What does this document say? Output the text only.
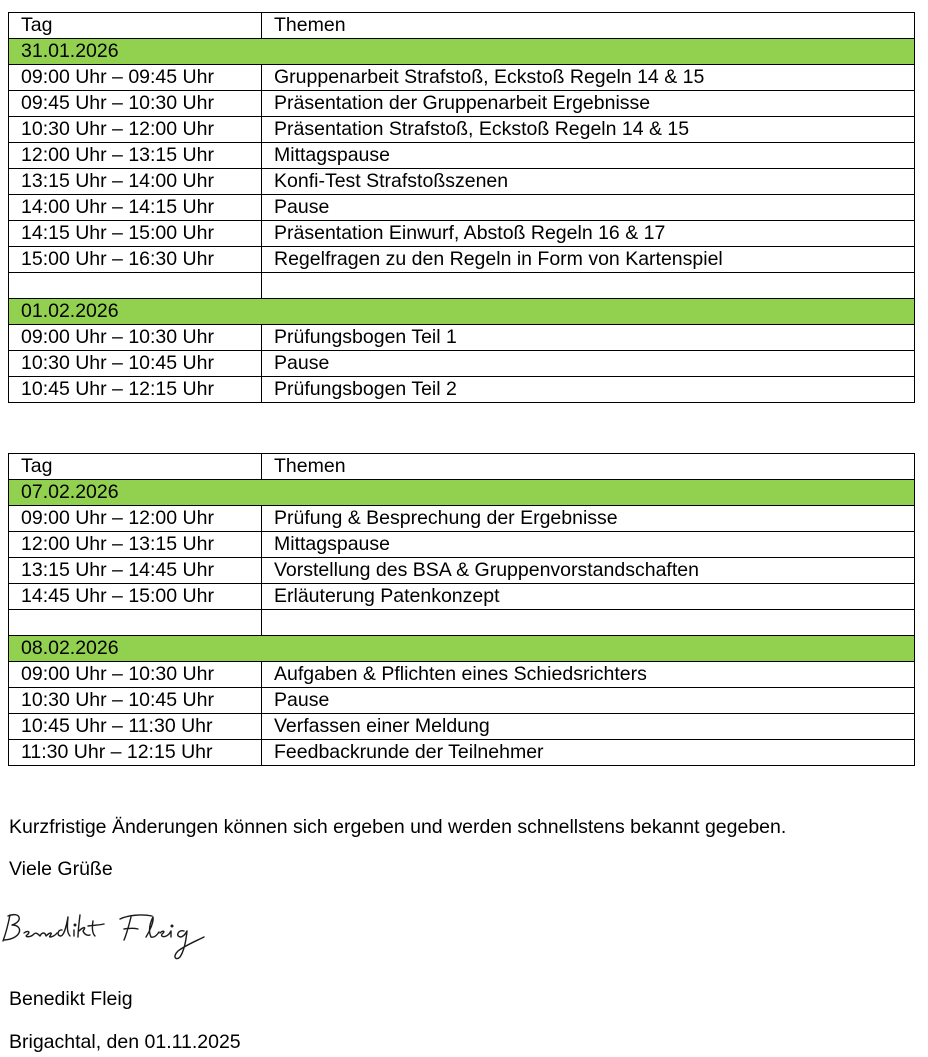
Tag	Themen
31.01.2026	
09:00 Uhr – 09:45 Uhr	Gruppenarbeit Strafstoß, Eckstoß Regeln 14 & 15
09:45 Uhr – 10:30 Uhr	Präsentation der Gruppenarbeit Ergebnisse
10:30 Uhr – 12:00 Uhr	Präsentation Strafstoß, Eckstoß Regeln 14 & 15
12:00 Uhr – 13:15 Uhr	Mittagspause
13:15 Uhr – 14:00 Uhr	Konfi-Test Strafstoßszenen
14:00 Uhr – 14:15 Uhr	Pause
14:15 Uhr – 15:00 Uhr	Präsentation Einwurf, Abstoß Regeln 16 & 17
15:00 Uhr – 16:30 Uhr	Regelfragen zu den Regeln in Form von Kartenspiel

01.02.2026	
09:00 Uhr – 10:30 Uhr	Prüfungsbogen Teil 1
10:30 Uhr – 10:45 Uhr	Pause
10:45 Uhr – 12:15 Uhr	Prüfungsbogen Teil 2
Tag	Themen
07.02.2026	
09:00 Uhr – 12:00 Uhr	Prüfung & Besprechung der Ergebnisse
12:00 Uhr – 13:15 Uhr	Mittagspause
13:15 Uhr – 14:45 Uhr	Vorstellung des BSA & Gruppenvorstandschaften
14:45 Uhr – 15:00 Uhr	Erläuterung Patenkonzept

08.02.2026	
09:00 Uhr – 10:30 Uhr	Aufgaben & Pflichten eines Schiedsrichters
10:30 Uhr – 10:45 Uhr	Pause
10:45 Uhr – 11:30 Uhr	Verfassen einer Meldung
11:30 Uhr – 12:15 Uhr	Feedbackrunde der Teilnehmer
Kurzfristige Änderungen können sich ergeben und werden schnellstens bekannt gegeben.
Viele Grüße
Benedikt Fleig
Brigachtal, den 01.11.2025
